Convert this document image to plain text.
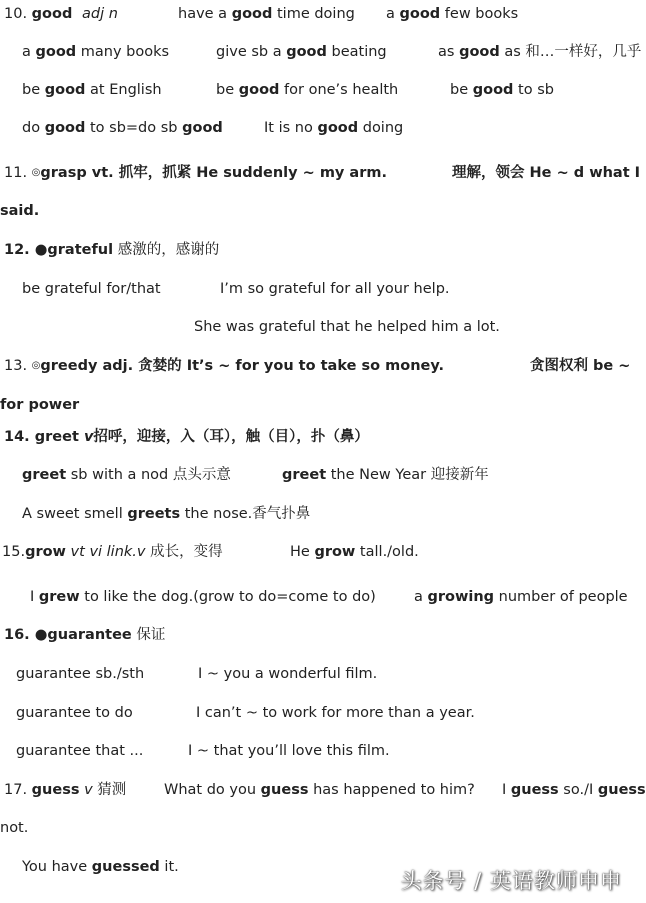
10. good adj n	have a good time doing a good few books
a good many books	give sb a good beating	as good as 和…一样好，几乎
be good at English	be good for one’s health	be good to sb
do good to sb=do sb good	It is no good doing
11. ◎grasp vt. 抓牢，抓紧 He suddenly ~ my arm.	理解，领会 He ~ d what I
said.
12. ●grateful 感激的，感谢的
be grateful for/that	I’m so grateful for all your help.
She was grateful that he helped him a lot.
13. ◎greedy adj. 贪婪的 It’s ~ for you to take so money.	贪图权利 be ~
for power
14. greet v招呼，迎接，入（耳），触（目），扑（鼻）
greet sb with a nod 点头示意	greet the New Year 迎接新年
A sweet smell greets the nose.香气扑鼻
15.grow vt vi link.v 成长，变得	He grow tall./old.
I grew to like the dog.(grow to do=come to do)	a growing number of people
16. ●guarantee 保证
guarantee sb./sth	I ~ you a wonderful film.
guarantee to do	I can’t ~ to work for more than a year.
guarantee that ...	I ~ that you’ll love this film.
17. guess v 猜测	What do you guess has happened to him? I guess so./I guess
not.
You have guessed it.
头条号 / 英语教师申申
